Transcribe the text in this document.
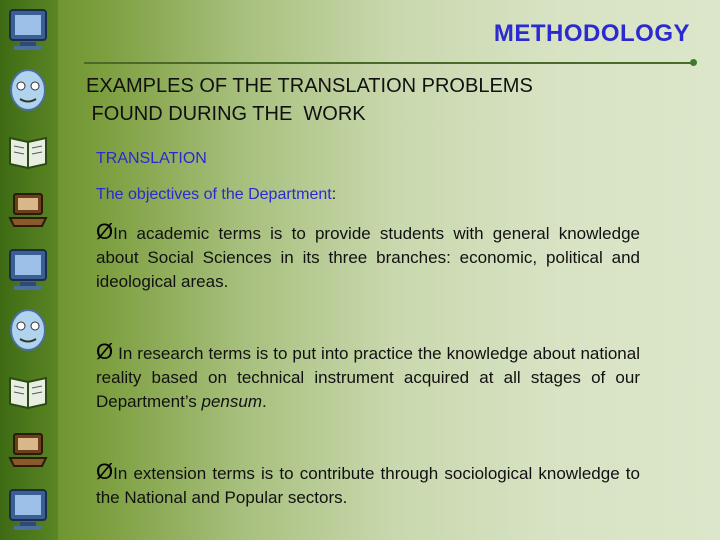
METHODOLOGY
EXAMPLES OF THE TRANSLATION PROBLEMS
FOUND DURING THE  WORK
TRANSLATION
The objectives of the Department:
ØIn academic terms is to provide students with general knowledge about Social Sciences in its three branches: economic, political and ideological areas.
Ø In research terms is to put into practice the knowledge about national reality based on technical instrument acquired at all stages of our Department’s pensum.
ØIn extension terms is to contribute through sociological knowledge to the National and Popular sectors.
